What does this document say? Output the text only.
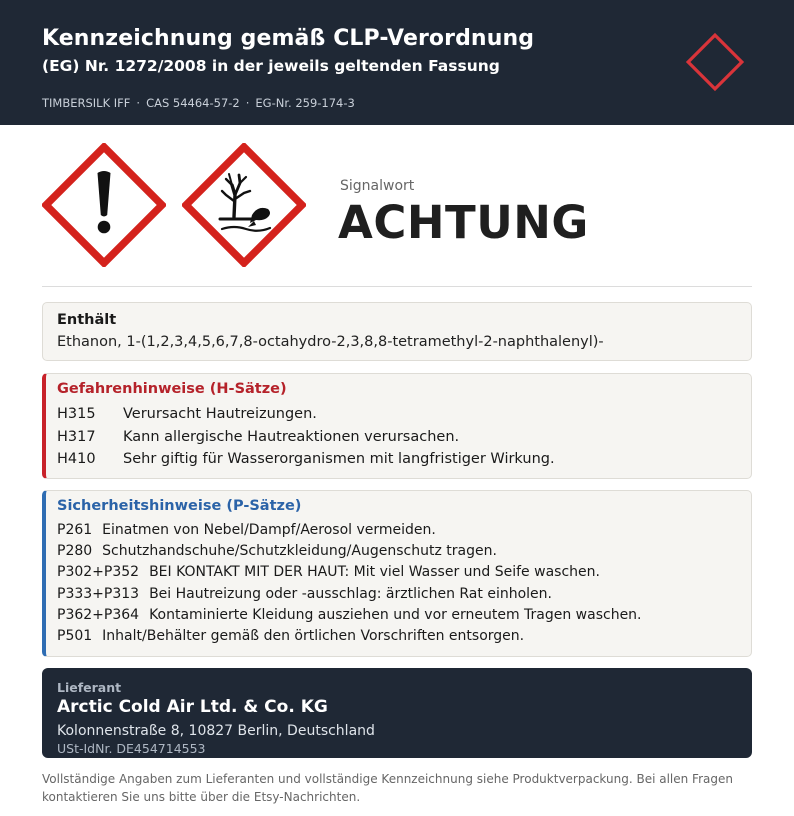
Kennzeichnung gemäß CLP-Verordnung
(EG) Nr. 1272/2008 in der jeweils geltenden Fassung
TIMBERSILK IFF · CAS 54464-57-2 · EG-Nr. 259-174-3
Signalwort
ACHTUNG
Enthält
Ethanon, 1-(1,2,3,4,5,6,7,8-octahydro-2,3,8,8-tetramethyl-2-naphthalenyl)-
Gefahrenhinweise (H-Sätze)
H315 Verursacht Hautreizungen.
H317 Kann allergische Hautreaktionen verursachen.
H410 Sehr giftig für Wasserorganismen mit langfristiger Wirkung.
Sicherheitshinweise (P-Sätze)
P261 Einatmen von Nebel/Dampf/Aerosol vermeiden.
P280 Schutzhandschuhe/Schutzkleidung/Augenschutz tragen.
P302+P352 BEI KONTAKT MIT DER HAUT: Mit viel Wasser und Seife waschen.
P333+P313 Bei Hautreizung oder -ausschlag: ärztlichen Rat einholen.
P362+P364 Kontaminierte Kleidung ausziehen und vor erneutem Tragen waschen.
P501 Inhalt/Behälter gemäß den örtlichen Vorschriften entsorgen.
Lieferant
Arctic Cold Air Ltd. & Co. KG
Kolonnenstraße 8, 10827 Berlin, Deutschland
USt-IdNr. DE454714553
Vollständige Angaben zum Lieferanten und vollständige Kennzeichnung siehe Produktverpackung. Bei allen Fragen kontaktieren Sie uns bitte über die Etsy-Nachrichten.
